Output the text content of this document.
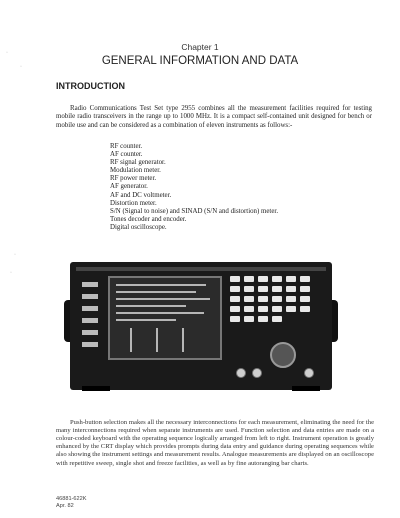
Chapter 1
GENERAL INFORMATION AND DATA
INTRODUCTION

Radio Communications Test Set type 2955 combines all the measurement facilities required for testing mobile radio transceivers in the range up to 1000 MHz. It is a compact self-contained unit designed for bench or mobile use and can be considered as a combination of eleven instruments as follows:-

RF counter.
AF counter.
RF signal generator.
Modulation meter.
RF power meter.
AF generator.
AF and DC voltmeter.
Distortion meter.
S/N (Signal to noise) and SINAD (S/N and distortion) meter.
Tones decoder and encoder.
Digital oscilloscope.

Push-button selection makes all the necessary interconnections for each measurement, eliminating the need for the many interconnections required when separate instruments are used. Function selection and data entries are made on a colour-coded keyboard with the operating sequence logically arranged from left to right. Instrument operation is greatly enhanced by the CRT display which provides prompts during data entry and guidance during operating sequences while also showing the instrument settings and measurement results. Analogue measurements are displayed on an oscilloscope with repetitive sweep, single shot and freeze facilities, as well as by fine autoranging bar charts.

46881-622K
Apr. 82
·
·
·
·
